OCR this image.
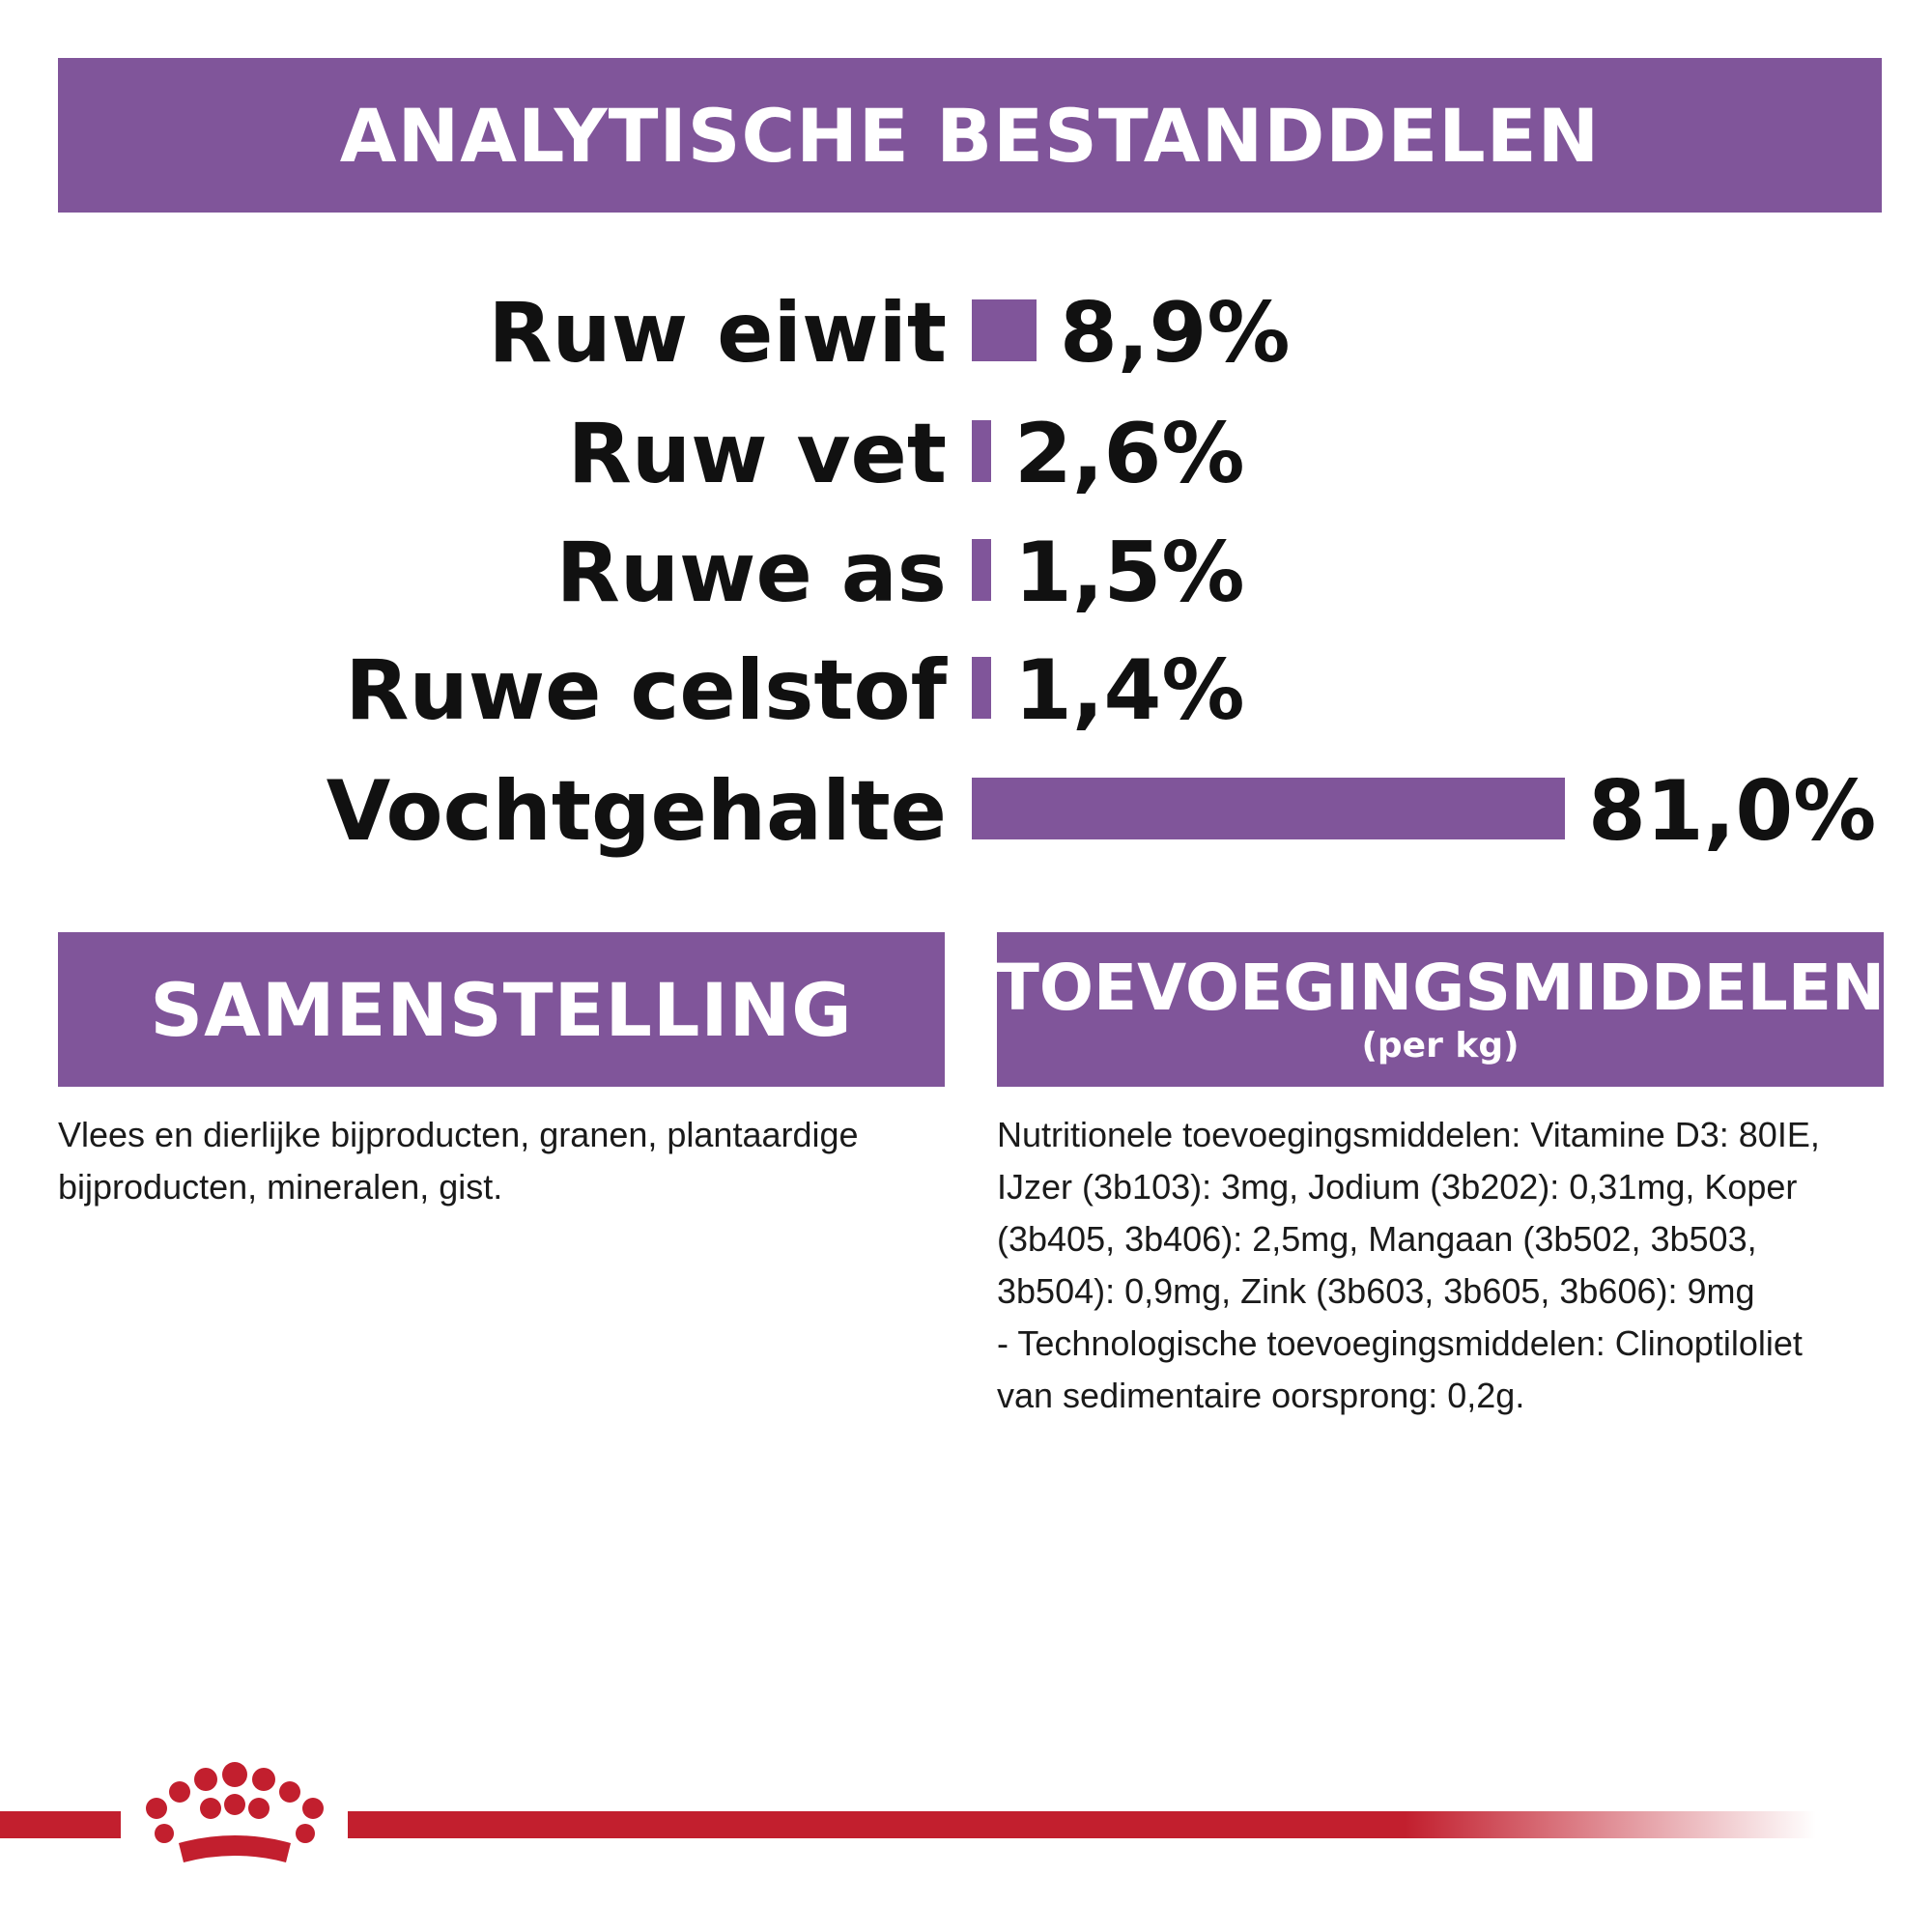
ANALYTISCHE BESTANDDELEN
Ruw eiwit 8,9%
Ruw vet 2,6%
Ruwe as 1,5%
Ruwe celstof 1,4%
Vochtgehalte	81,0%
SAMENSTELLING TOEVOEGINGSMIDDELEN
(per kg)
Vlees en dierlijke bijproducten, granen, plantaardige bijproducten, mineralen, gist.
Nutritionele toevoegingsmiddelen: Vitamine D3: 80IE, IJzer (3b103): 3mg, Jodium (3b202): 0,31mg, Koper (3b405, 3b406): 2,5mg, Mangaan (3b502, 3b503, 3b504): 0,9mg, Zink (3b603, 3b605, 3b606): 9mg
- Technologische toevoegingsmiddelen: Clinoptiloliet van sedimentaire oorsprong: 0,2g.
